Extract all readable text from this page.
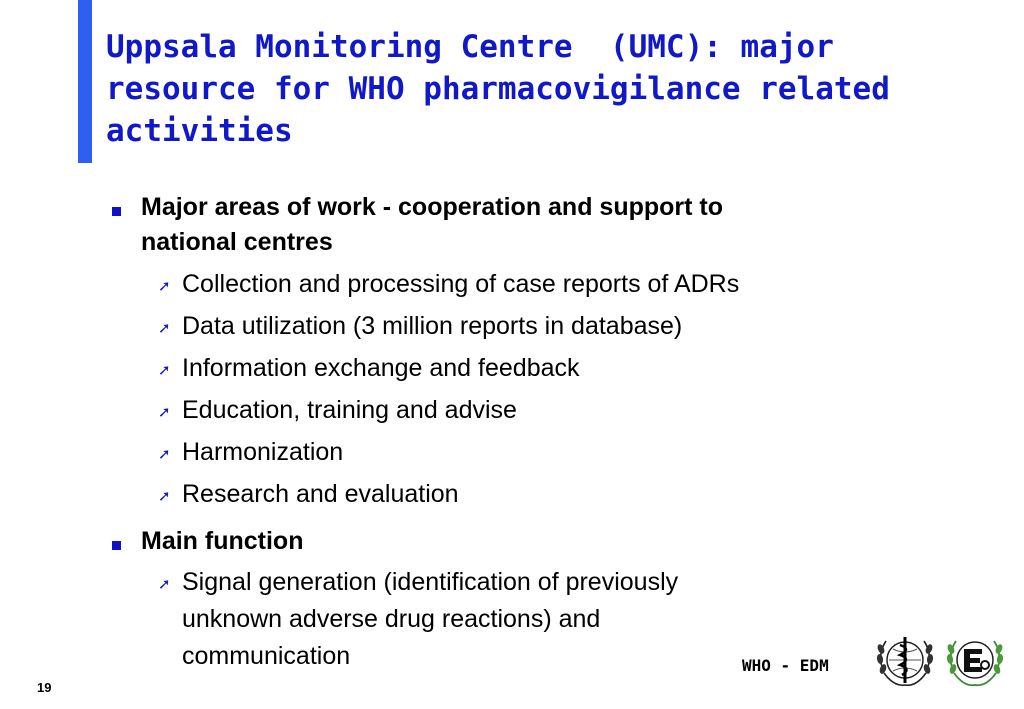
Uppsala Monitoring Centre  (UMC): major
resource for WHO pharmacovigilance related
activities
Major areas of work - cooperation and support to
national centres
➚ Collection and processing of case reports of ADRs
➚ Data utilization (3 million reports in database)
➚ Information exchange and feedback
➚ Education, training and advise
➚ Harmonization
➚ Research and evaluation
Main function
➚ Signal generation (identification of previously
unknown adverse drug reactions) and
communication	WHO - EDM
19
